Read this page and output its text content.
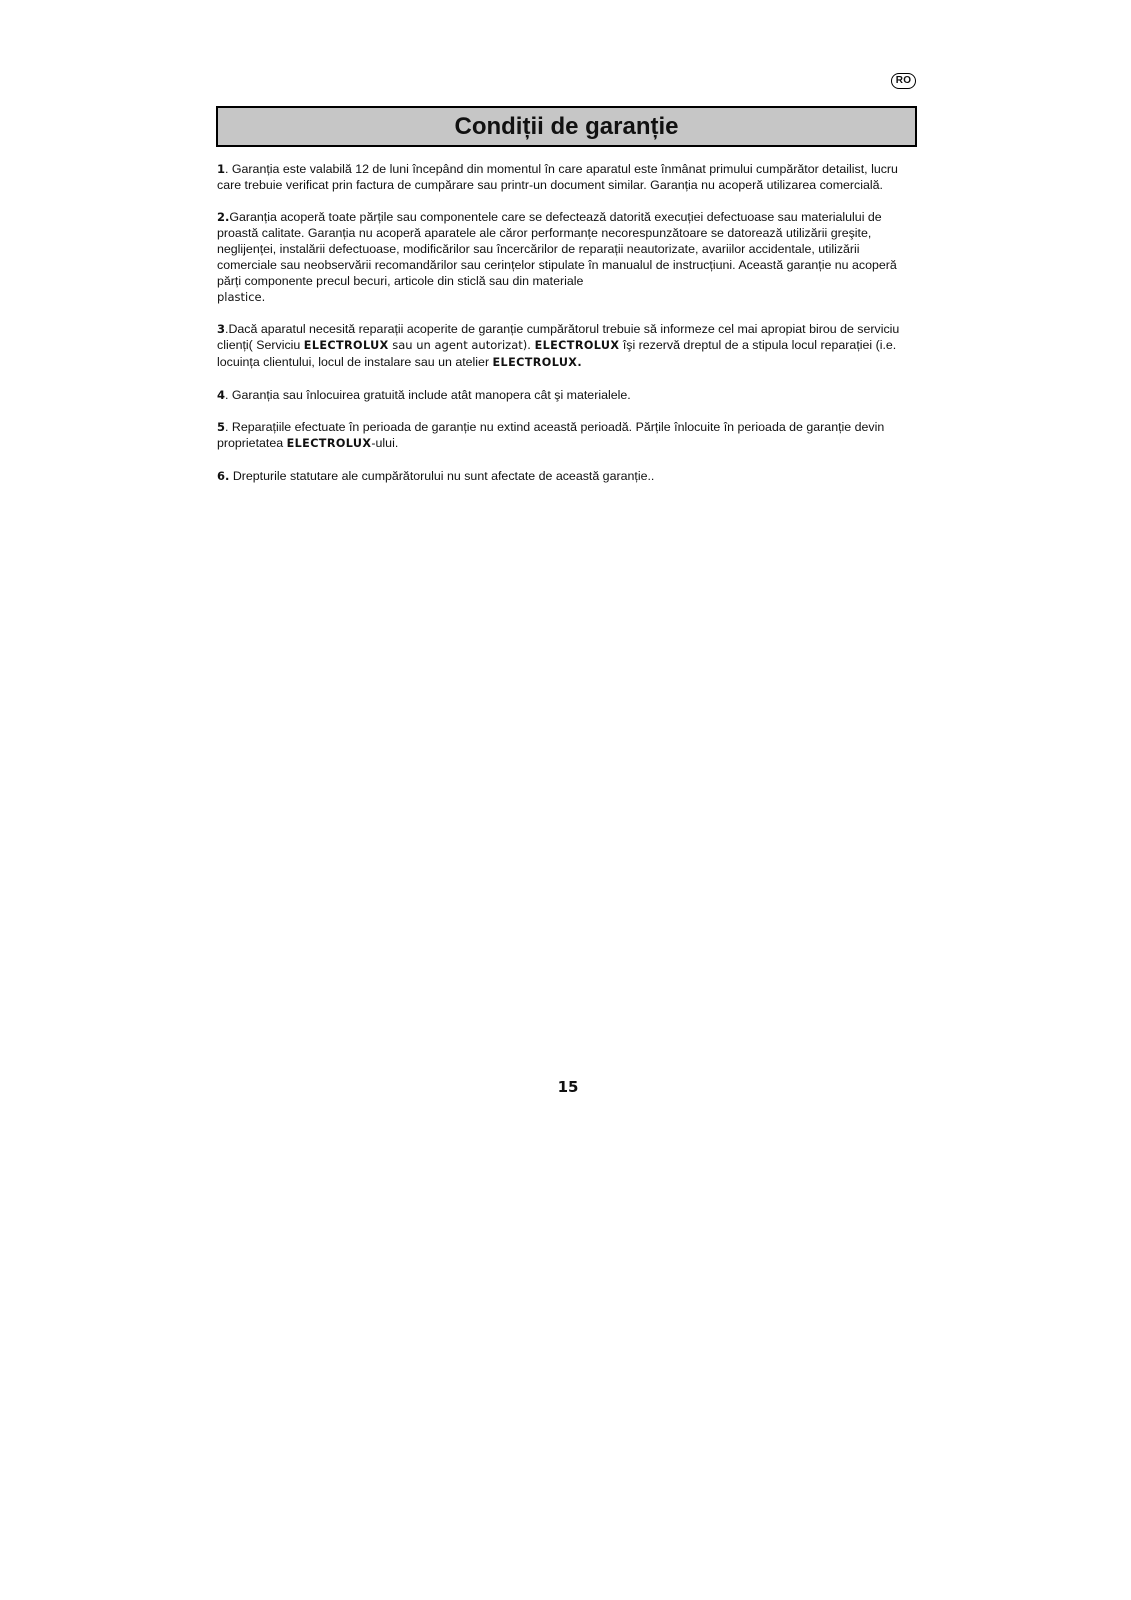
RO
Condiții de garanție

1. Garanția este valabilă 12 de luni începând din momentul în care aparatul este înmânat primului cumpărător detailist, lucru care trebuie verificat prin factura de cumpărare sau printr-un document similar. Garanția nu acoperă utilizarea comercială.

2.Garanția acoperă toate părțile sau componentele care se defectează datorită execuției defectuoase sau materialului de proastă calitate. Garanția nu acoperă aparatele ale căror performanțe necorespunzătoare se datorează utilizării greşite, neglijenței, instalării defectuoase, modificărilor sau încercărilor de reparații neautorizate, avariilor accidentale, utilizării comerciale sau neobservării recomandărilor sau cerințelor stipulate în manualul de instrucțiuni. Această garanție nu acoperă părți componente precul becuri, articole din sticlă sau din materiale
plastice.

3.Dacă aparatul necesită reparații acoperite de garanție cumpărătorul trebuie să informeze cel mai apropiat birou de serviciu clienți( Serviciu ELECTROLUX sau un agent autorizat). ELECTROLUX îşi rezervă dreptul de a stipula locul reparației (i.e. locuința clientului, locul de instalare sau un atelier ELECTROLUX.

4. Garanția sau înlocuirea gratuită include atât manopera cât şi materialele.

5. Reparațiile efectuate în perioada de garanție nu extind această perioadă. Părțile înlocuite în perioada de garanție devin proprietatea ELECTROLUX-ului.

6. Drepturile statutare ale cumpărătorului nu sunt afectate de această garanție..

15
